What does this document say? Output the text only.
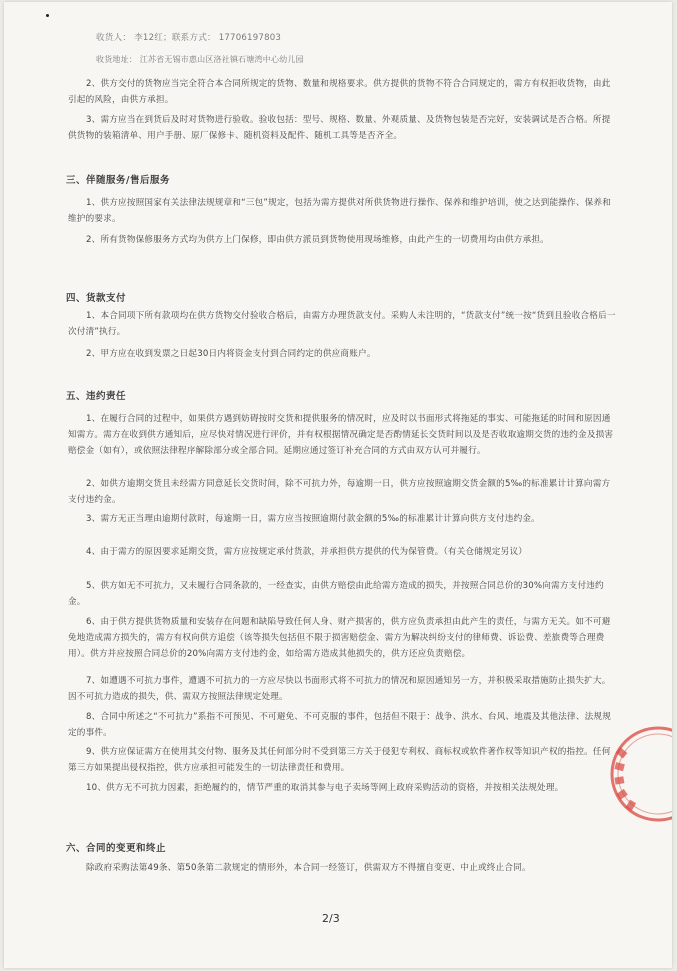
收货人： 李12红；联系方式： 17706197803
收货地址： 江苏省无锡市惠山区洛社镇石塘湾中心幼儿园
2、供方交付的货物应当完全符合本合同所规定的货物、数量和规格要求。供方提供的货物不符合合同规定的，需方有权拒收货物，由此引起的风险，由供方承担。
3、需方应当在到货后及时对货物进行验收。验收包括：型号、规格、数量、外观质量、及货物包装是否完好，安装调试是否合格。所提供货物的装箱清单、用户手册、原厂保修卡、随机资料及配件、随机工具等是否齐全。
三、伴随服务/售后服务
1、供方应按照国家有关法律法规规章和“三包”规定，包括为需方提供对所供货物进行操作、保养和维护培训，使之达到能操作、保养和维护的要求。
2、所有货物保修服务方式均为供方上门保修，即由供方派员到货物使用现场维修，由此产生的一切费用均由供方承担。
四、货款支付
1、本合同项下所有款项均在供方货物交付验收合格后，由需方办理货款支付。采购人未注明的，“货款支付”统一按“货到且验收合格后一次付清”执行。
2、甲方应在收到发票之日起30日内将资金支付到合同约定的供应商账户。
五、违约责任
1、在履行合同的过程中，如果供方遇到妨碍按时交货和提供服务的情况时，应及时以书面形式将拖延的事实、可能拖延的时间和原因通知需方。需方在收到供方通知后，应尽快对情况进行评价，并有权根据情况确定是否酌情延长交货时间以及是否收取逾期交货的违约金及损害赔偿金（如有），或依照法律程序解除部分或全部合同。延期应通过签订补充合同的方式由双方认可并履行。
2、如供方逾期交货且未经需方同意延长交货时间，除不可抗力外，每逾期一日，供方应按照逾期交货金额的5‰的标准累计计算向需方支付违约金。
3、需方无正当理由逾期付款时，每逾期一日，需方应当按照逾期付款金额的5‰的标准累计计算向供方支付违约金。
4、由于需方的原因要求延期交货，需方应按规定承付货款，并承担供方提供的代为保管费。（有关仓储规定另议）
5、供方如无不可抗力，又未履行合同条款的，一经查实，由供方赔偿由此给需方造成的损失，并按照合同总价的30%向需方支付违约金。
6、由于供方提供货物质量和安装存在问题和缺陷导致任何人身、财产损害的，供方应负责承担由此产生的责任，与需方无关。如不可避免地造成需方损失的，需方有权向供方追偿（该等损失包括但不限于损害赔偿金、需方为解决纠纷支付的律师费、诉讼费、差旅费等合理费用）。供方并应按照合同总价的20%向需方支付违约金，如给需方造成其他损失的，供方还应负责赔偿。
7、如遭遇不可抗力事件，遭遇不可抗力的一方应尽快以书面形式将不可抗力的情况和原因通知另一方，并积极采取措施防止损失扩大。因不可抗力造成的损失，供、需双方按照法律规定处理。
8、合同中所述之“不可抗力”系指不可预见、不可避免、不可克服的事件，包括但不限于：战争、洪水、台风、地震及其他法律、法规规定的事件。
9、供方应保证需方在使用其交付物、服务及其任何部分时不受到第三方关于侵犯专利权、商标权或软件著作权等知识产权的指控。任何第三方如果提出侵权指控，供方应承担可能发生的一切法律责任和费用。
10、供方无不可抗力因素，拒绝履约的，情节严重的取消其参与电子卖场等网上政府采购活动的资格，并按相关法规处理。
六、合同的变更和终止
除政府采购法第49条、第50条第二款规定的情形外，本合同一经签订，供需双方不得擅自变更、中止或终止合同。
2/3
